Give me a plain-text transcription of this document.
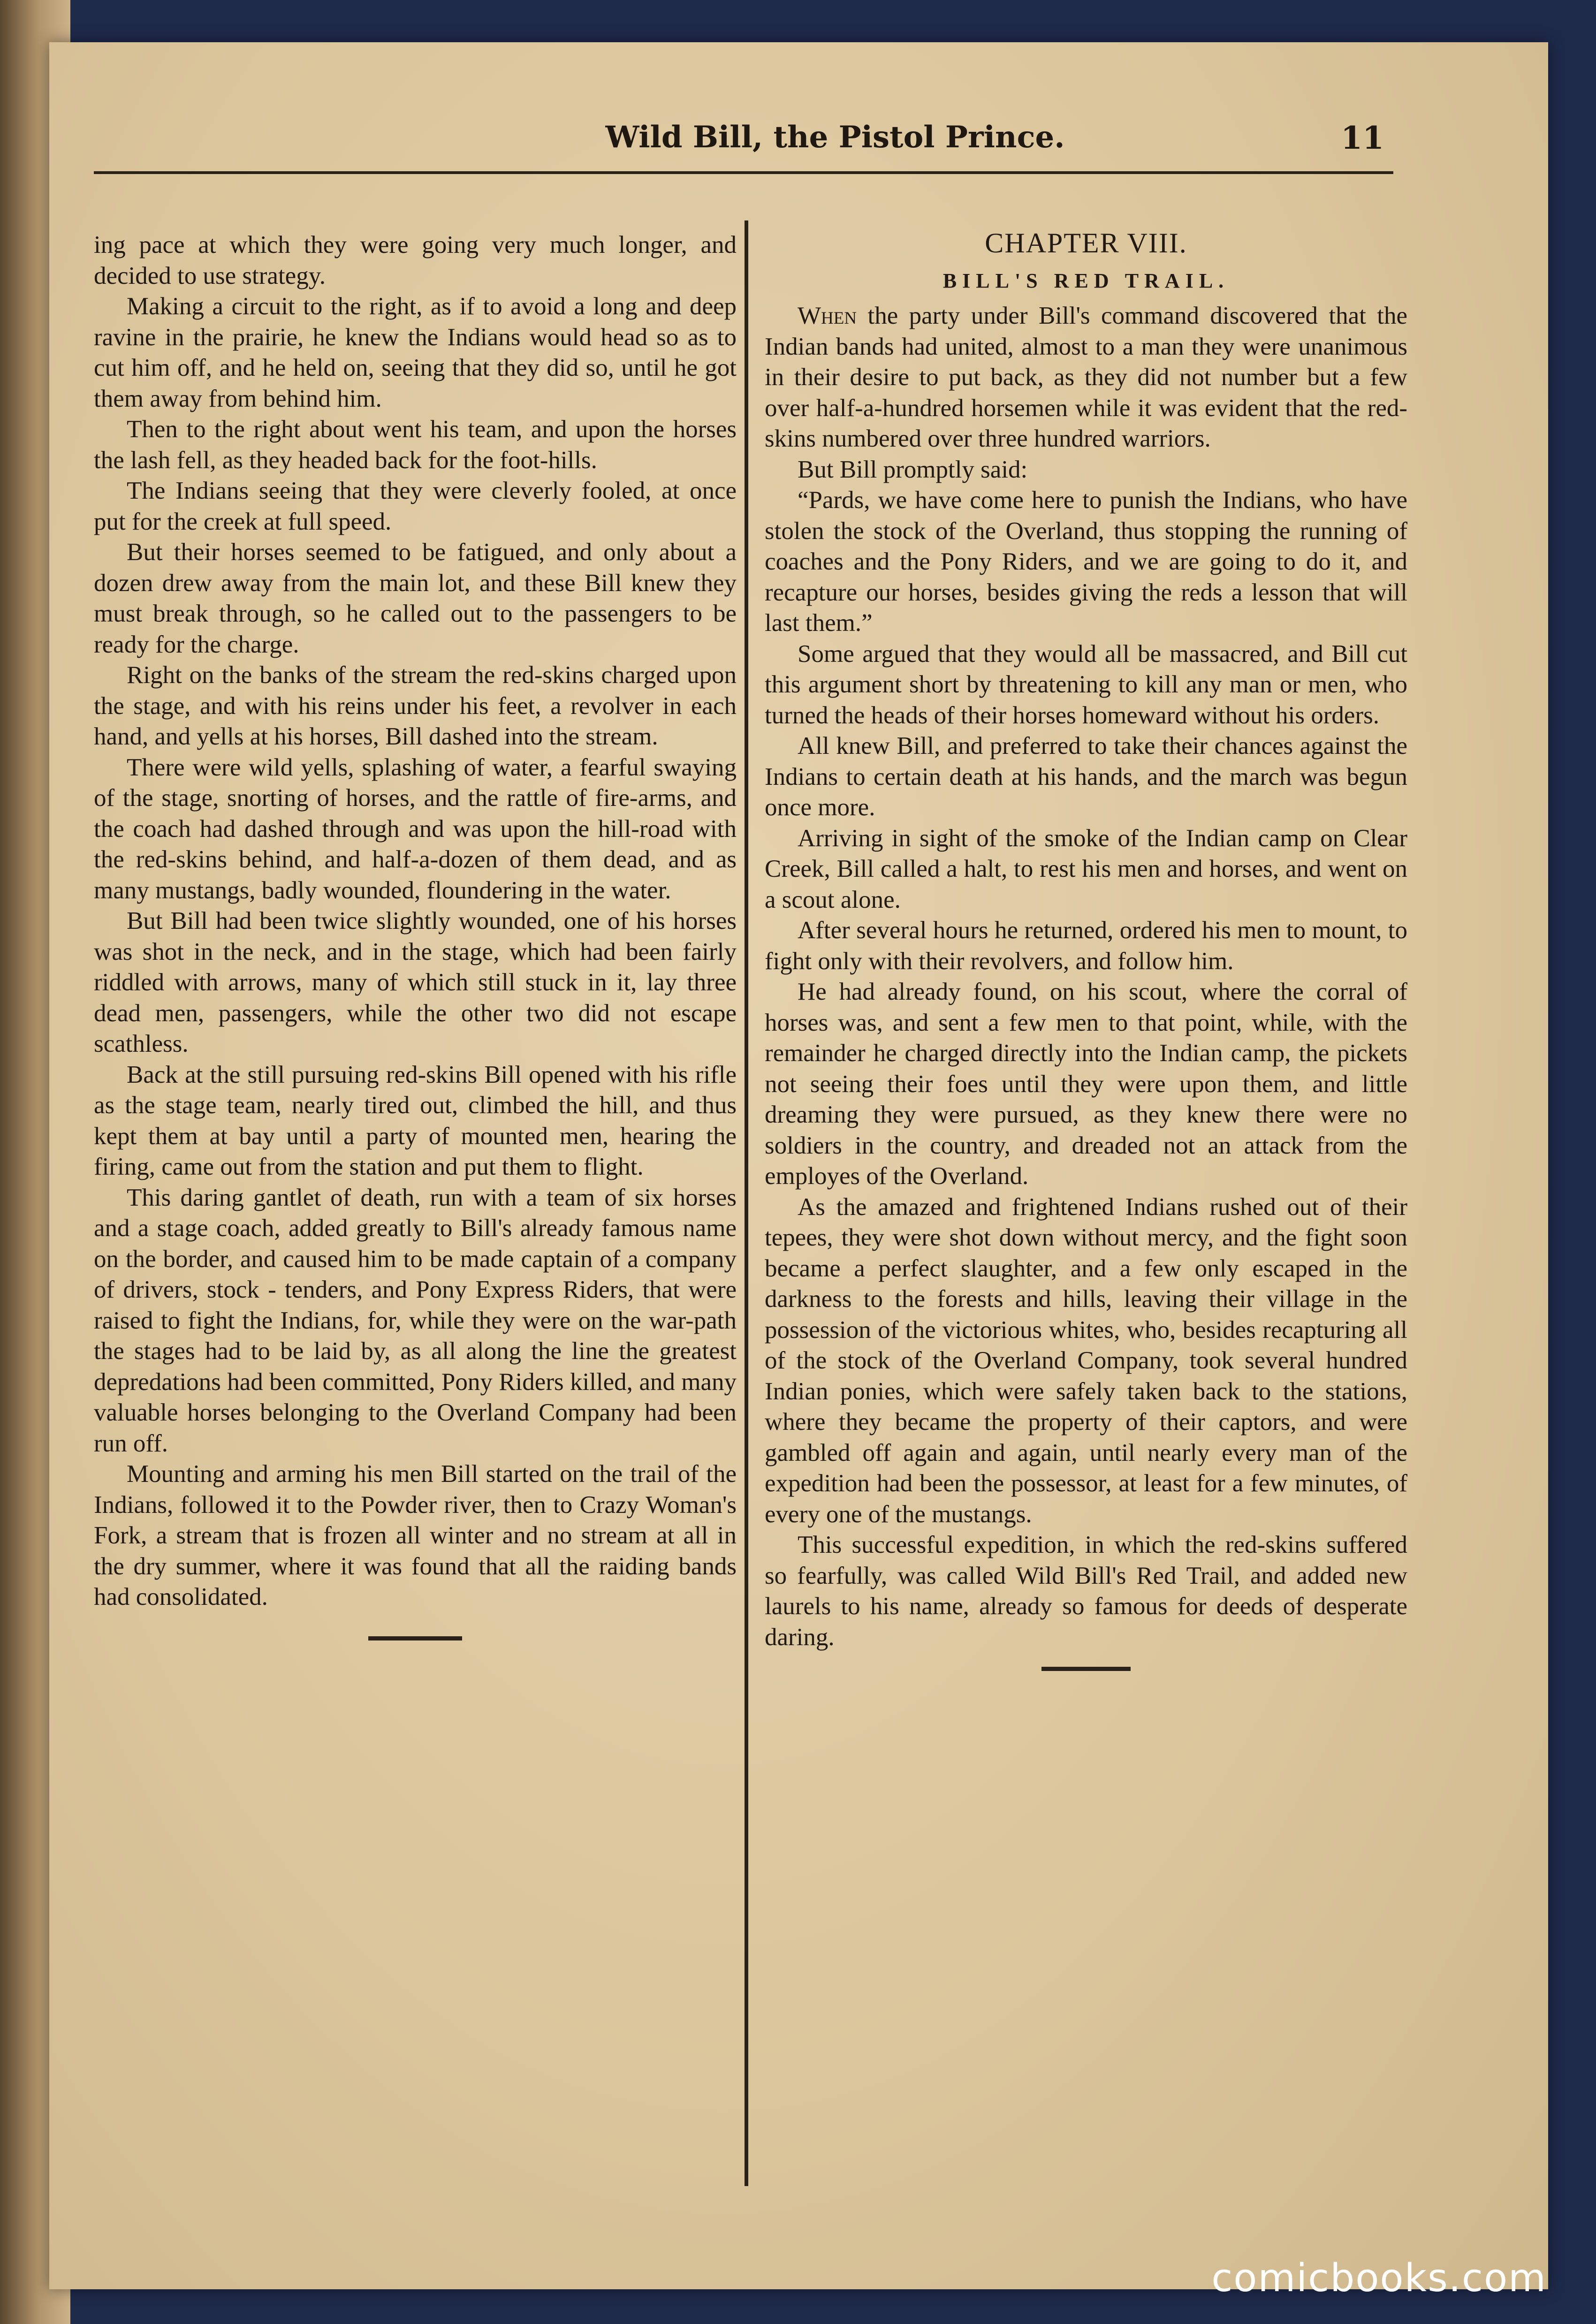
Wild Bill, the Pistol Prince.	11

ing pace at which they were going very much longer, and decided to use strategy.

Making a circuit to the right, as if to avoid a long and deep ravine in the prairie, he knew the Indians would head so as to cut him off, and he held on, seeing that they did so, until he got them away from behind him.

Then to the right about went his team, and upon the horses the lash fell, as they headed back for the foot-hills.

The Indians seeing that they were cleverly fooled, at once put for the creek at full speed.

But their horses seemed to be fatigued, and only about a dozen drew away from the main lot, and these Bill knew they must break through, so he called out to the passengers to be ready for the charge.

Right on the banks of the stream the red-skins charged upon the stage, and with his reins under his feet, a revolver in each hand, and yells at his horses, Bill dashed into the stream.

There were wild yells, splashing of water, a fearful swaying of the stage, snorting of horses, and the rattle of fire-arms, and the coach had dashed through and was upon the hill-road with the red-skins behind, and half-a-dozen of them dead, and as many mustangs, badly wounded, floundering in the water.

But Bill had been twice slightly wounded, one of his horses was shot in the neck, and in the stage, which had been fairly riddled with arrows, many of which still stuck in it, lay three dead men, passengers, while the other two did not escape scathless.

Back at the still pursuing red-skins Bill opened with his rifle as the stage team, nearly tired out, climbed the hill, and thus kept them at bay until a party of mounted men, hearing the firing, came out from the station and put them to flight.

This daring gantlet of death, run with a team of six horses and a stage coach, added greatly to Bill's already famous name on the border, and caused him to be made captain of a company of drivers, stock - tenders, and Pony Express Riders, that were raised to fight the Indians, for, while they were on the war-path the stages had to be laid by, as all along the line the greatest depredations had been committed, Pony Riders killed, and many valuable horses belonging to the Overland Company had been run off.

Mounting and arming his men Bill started on the trail of the Indians, followed it to the Powder river, then to Crazy Woman's Fork, a stream that is frozen all winter and no stream at all in the dry summer, where it was found that all the raiding bands had consolidated.

CHAPTER VIII.
BILL'S RED TRAIL.

When the party under Bill's command discovered that the Indian bands had united, almost to a man they were unanimous in their desire to put back, as they did not number but a few over half-a-hundred horsemen while it was evident that the red-skins numbered over three hundred warriors.

But Bill promptly said:

“Pards, we have come here to punish the Indians, who have stolen the stock of the Overland, thus stopping the running of coaches and the Pony Riders, and we are going to do it, and recapture our horses, besides giving the reds a lesson that will last them.”

Some argued that they would all be massacred, and Bill cut this argument short by threatening to kill any man or men, who turned the heads of their horses homeward without his orders.

All knew Bill, and preferred to take their chances against the Indians to certain death at his hands, and the march was begun once more.

Arriving in sight of the smoke of the Indian camp on Clear Creek, Bill called a halt, to rest his men and horses, and went on a scout alone.

After several hours he returned, ordered his men to mount, to fight only with their revolvers, and follow him.

He had already found, on his scout, where the corral of horses was, and sent a few men to that point, while, with the remainder he charged directly into the Indian camp, the pickets not seeing their foes until they were upon them, and little dreaming they were pursued, as they knew there were no soldiers in the country, and dreaded not an attack from the employes of the Overland.

As the amazed and frightened Indians rushed out of their tepees, they were shot down without mercy, and the fight soon became a perfect slaughter, and a few only escaped in the darkness to the forests and hills, leaving their village in the possession of the victorious whites, who, besides recapturing all of the stock of the Overland Company, took several hundred Indian ponies, which were safely taken back to the stations, where they became the property of their captors, and were gambled off again and again, until nearly every man of the expedition had been the possessor, at least for a few minutes, of every one of the mustangs.

This successful expedition, in which the red-skins suffered so fearfully, was called Wild Bill's Red Trail, and added new laurels to his name, already so famous for deeds of desperate daring.

comicbooks.com
